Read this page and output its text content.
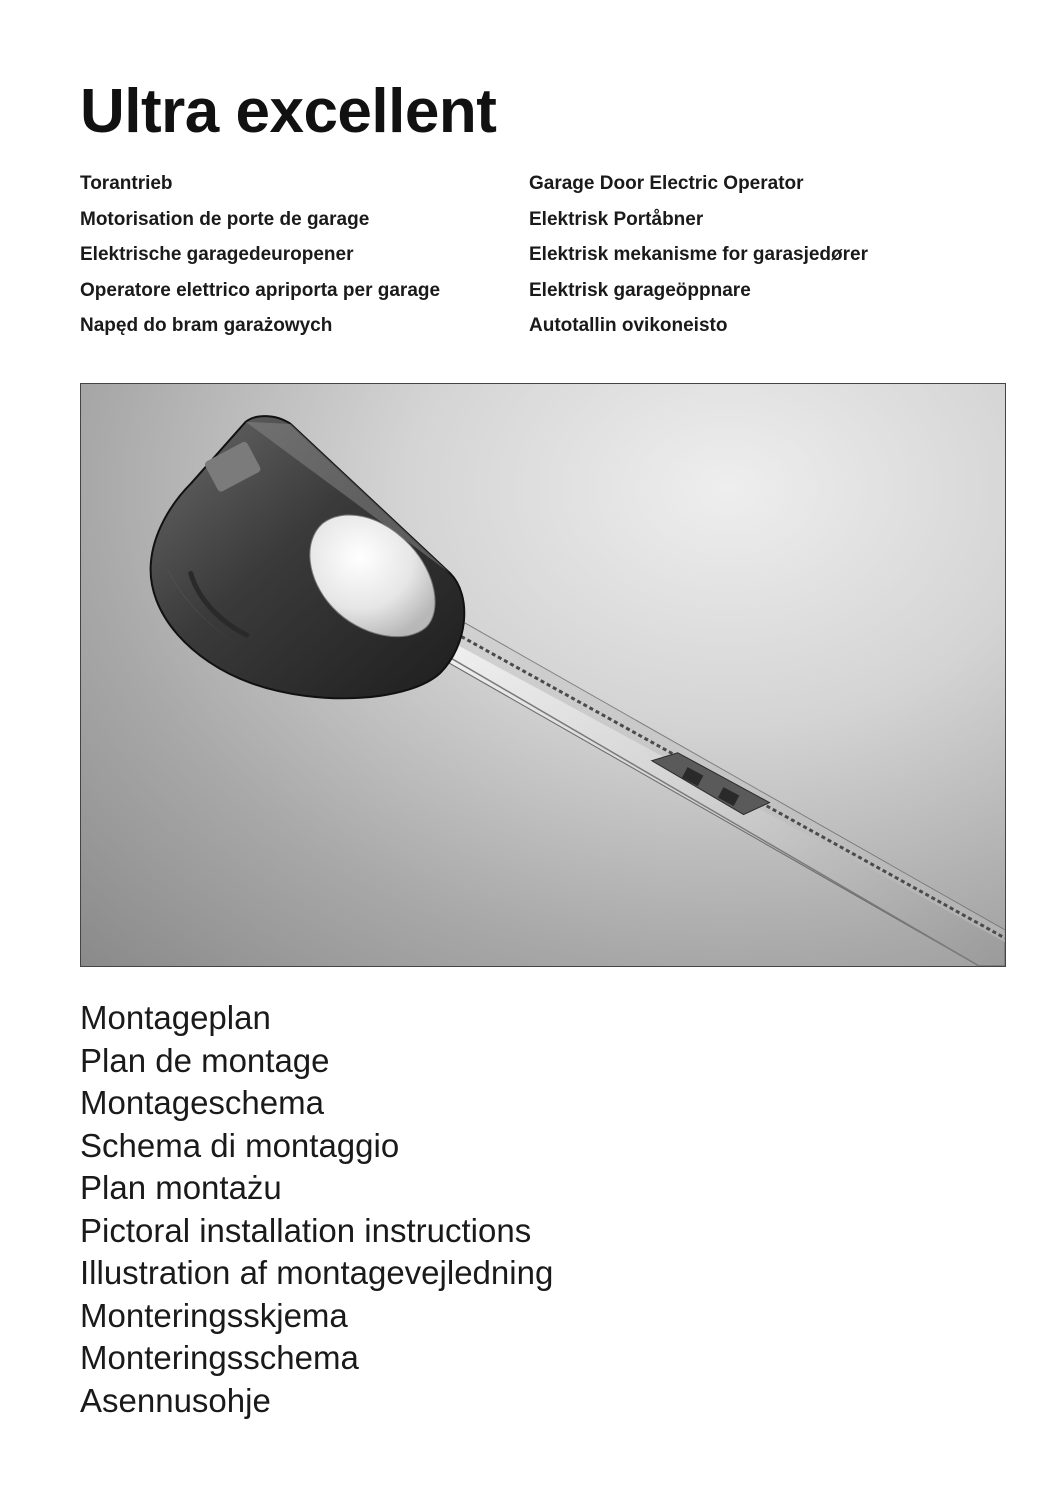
Ultra excellent
Torantrieb
Motorisation de porte de garage
Elektrische garagedeuropener
Operatore elettrico apriporta per garage
Napęd do bram garażowych
Garage Door Electric Operator
Elektrisk Portåbner
Elektrisk mekanisme for garasjedører
Elektrisk garageöppnare
Autotallin ovikoneisto
Montageplan
Plan de montage
Montageschema
Schema di montaggio
Plan montażu
Pictoral installation instructions
Illustration af montagevejledning
Monteringsskjema
Monteringsschema
Asennusohje
